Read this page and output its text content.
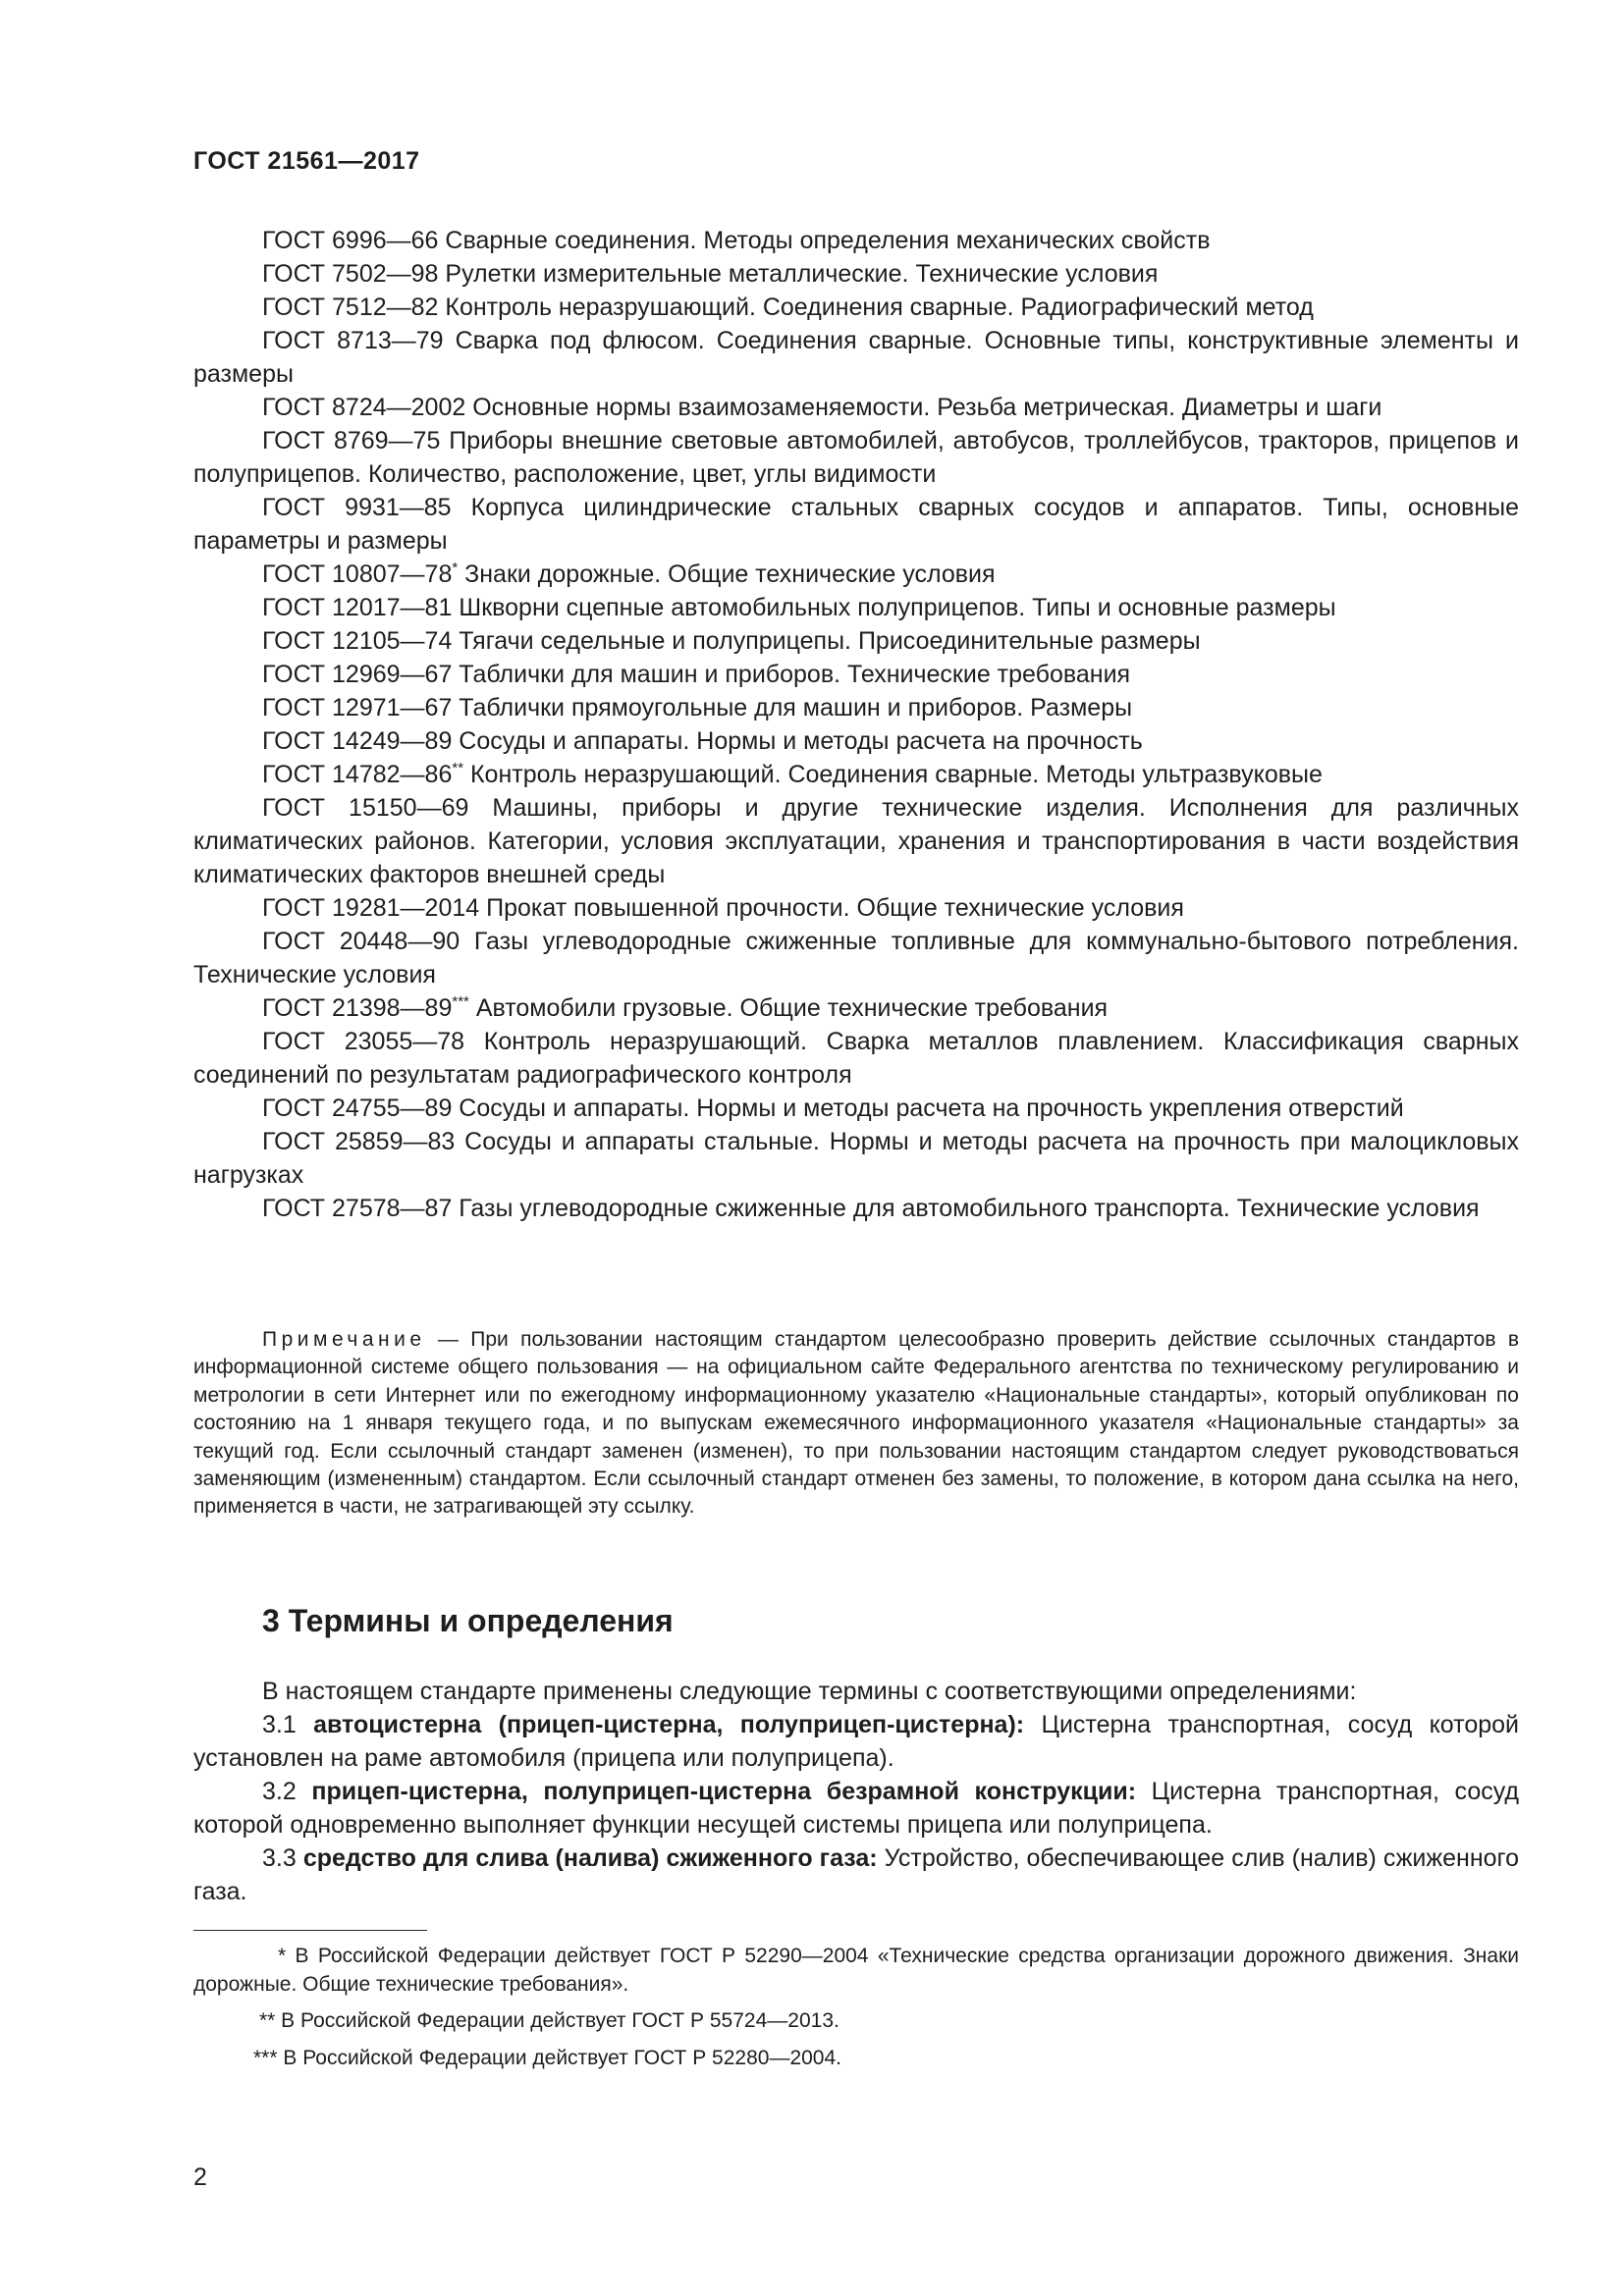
ГОСТ 21561—2017

ГОСТ 6996—66 Сварные соединения. Методы определения механических свойств

ГОСТ 7502—98 Рулетки измерительные металлические. Технические условия

ГОСТ 7512—82 Контроль неразрушающий. Соединения сварные. Радиографический метод

ГОСТ 8713—79 Сварка под флюсом. Соединения сварные. Основные типы, конструктивные элементы и размеры

ГОСТ 8724—2002 Основные нормы взаимозаменяемости. Резьба метрическая. Диаметры и шаги

ГОСТ 8769—75 Приборы внешние световые автомобилей, автобусов, троллейбусов, тракторов, прицепов и полуприцепов. Количество, расположение, цвет, углы видимости

ГОСТ 9931—85 Корпуса цилиндрические стальных сварных сосудов и аппаратов. Типы, основные параметры и размеры

ГОСТ 10807—78* Знаки дорожные. Общие технические условия

ГОСТ 12017—81 Шкворни сцепные автомобильных полуприцепов. Типы и основные размеры

ГОСТ 12105—74 Тягачи седельные и полуприцепы. Присоединительные размеры

ГОСТ 12969—67 Таблички для машин и приборов. Технические требования

ГОСТ 12971—67 Таблички прямоугольные для машин и приборов. Размеры

ГОСТ 14249—89 Сосуды и аппараты. Нормы и методы расчета на прочность

ГОСТ 14782—86** Контроль неразрушающий. Соединения сварные. Методы ультразвуковые

ГОСТ 15150—69 Машины, приборы и другие технические изделия. Исполнения для различных климатических районов. Категории, условия эксплуатации, хранения и транспортирования в части воздействия климатических факторов внешней среды

ГОСТ 19281—2014 Прокат повышенной прочности. Общие технические условия

ГОСТ 20448—90 Газы углеводородные сжиженные топливные для коммунально-бытового потребления. Технические условия

ГОСТ 21398—89*** Автомобили грузовые. Общие технические требования

ГОСТ 23055—78 Контроль неразрушающий. Сварка металлов плавлением. Классификация сварных соединений по результатам радиографического контроля

ГОСТ 24755—89 Сосуды и аппараты. Нормы и методы расчета на прочность укрепления отверстий

ГОСТ 25859—83 Сосуды и аппараты стальные. Нормы и методы расчета на прочность при малоцикловых нагрузках

ГОСТ 27578—87 Газы углеводородные сжиженные для автомобильного транспорта. Технические условия

Примечание — При пользовании настоящим стандартом целесообразно проверить действие ссылочных стандартов в информационной системе общего пользования — на официальном сайте Федерального агентства по техническому регулированию и метрологии в сети Интернет или по ежегодному информационному указателю «Национальные стандарты», который опубликован по состоянию на 1 января текущего года, и по выпускам ежемесячного информационного указателя «Национальные стандарты» за текущий год. Если ссылочный стандарт заменен (изменен), то при пользовании настоящим стандартом следует руководствоваться заменяющим (измененным) стандартом. Если ссылочный стандарт отменен без замены, то положение, в котором дана ссылка на него, применяется в части, не затрагивающей эту ссылку.

3 Термины и определения

В настоящем стандарте применены следующие термины с соответствующими определениями:

3.1 автоцистерна (прицеп-цистерна, полуприцеп-цистерна): Цистерна транспортная, сосуд которой установлен на раме автомобиля (прицепа или полуприцепа).

3.2 прицеп-цистерна, полуприцеп-цистерна безрамной конструкции: Цистерна транспортная, сосуд которой одновременно выполняет функции несущей системы прицепа или полуприцепа.

3.3 средство для слива (налива) сжиженного газа: Устройство, обеспечивающее слив (налив) сжиженного газа.

* В Российской Федерации действует ГОСТ Р 52290—2004 «Технические средства организации дорожного движения. Знаки дорожные. Общие технические требования».

** В Российской Федерации действует ГОСТ Р 55724—2013.

*** В Российской Федерации действует ГОСТ Р 52280—2004.

2
